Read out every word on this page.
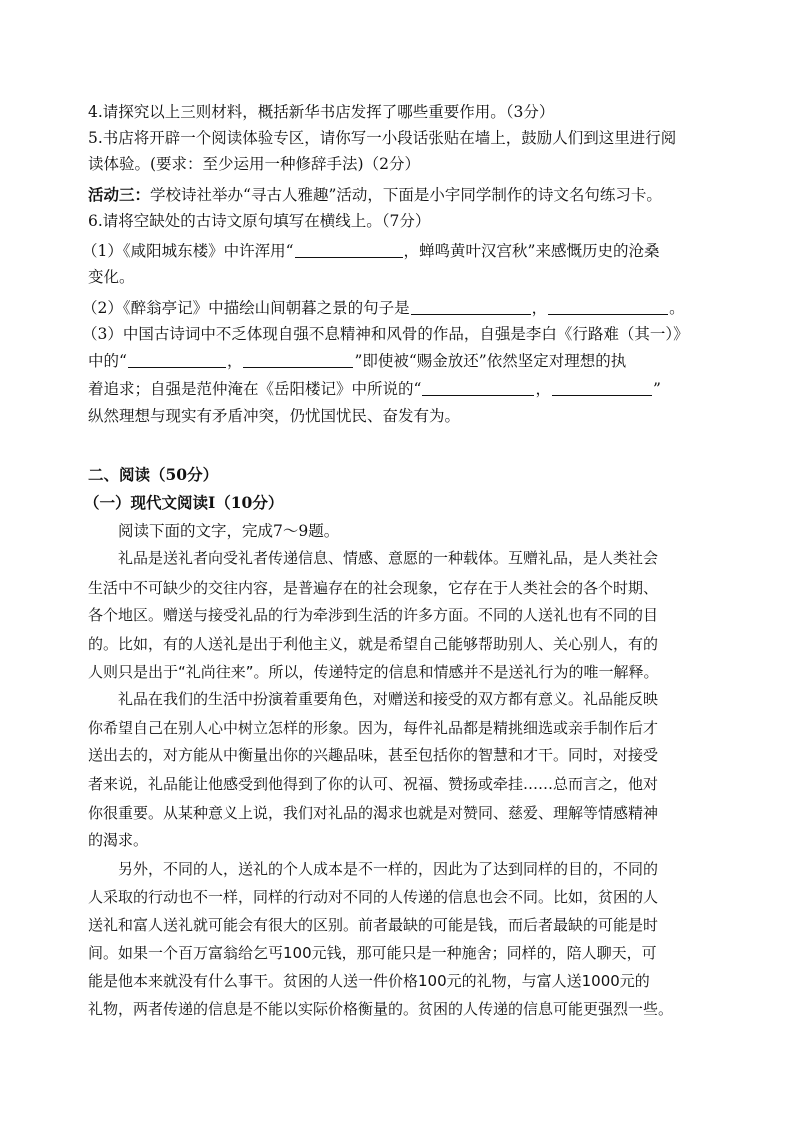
4.请探究以上三则材料，概括新华书店发挥了哪些重要作用。（3分）
5.书店将开辟一个阅读体验专区，请你写一小段话张贴在墙上，鼓励人们到这里进行阅
读体验。(要求：至少运用一种修辞手法)（2分）
活动三：学校诗社举办“寻古人雅趣”活动，下面是小宇同学制作的诗文名句练习卡。
6.请将空缺处的古诗文原句填写在横线上。（7分）
（1）《咸阳城东楼》中许浑用“	，蝉鸣黄叶汉宫秋”来感慨历史的沧桑
变化。
（2）《醉翁亭记》中描绘山间朝暮之景的句子是	，	。
（3）中国古诗词中不乏体现自强不息精神和风骨的作品，自强是李白《行路难（其一）》
中的“	，	”即使被“赐金放还”依然坚定对理想的执
着追求；自强是范仲淹在《岳阳楼记》中所说的“	，	”
纵然理想与现实有矛盾冲突，仍忧国忧民、奋发有为。
二、阅读（50分）
（一）现代文阅读Ⅰ（10分）
阅读下面的文字，完成7～9题。
礼品是送礼者向受礼者传递信息、情感、意愿的一种载体。互赠礼品，是人类社会
生活中不可缺少的交往内容，是普遍存在的社会现象，它存在于人类社会的各个时期、
各个地区。赠送与接受礼品的行为牵涉到生活的许多方面。不同的人送礼也有不同的目
的。比如，有的人送礼是出于利他主义，就是希望自己能够帮助别人、关心别人，有的
人则只是出于“礼尚往来”。所以，传递特定的信息和情感并不是送礼行为的唯一解释。
礼品在我们的生活中扮演着重要角色，对赠送和接受的双方都有意义。礼品能反映
你希望自己在别人心中树立怎样的形象。因为，每件礼品都是精挑细选或亲手制作后才
送出去的，对方能从中衡量出你的兴趣品味，甚至包括你的智慧和才干。同时，对接受
者来说，礼品能让他感受到他得到了你的认可、祝福、赞扬或牵挂……总而言之，他对
你很重要。从某种意义上说，我们对礼品的渴求也就是对赞同、慈爱、理解等情感精神
的渴求。
另外，不同的人，送礼的个人成本是不一样的，因此为了达到同样的目的，不同的
人采取的行动也不一样，同样的行动对不同的人传递的信息也会不同。比如，贫困的人
送礼和富人送礼就可能会有很大的区别。前者最缺的可能是钱，而后者最缺的可能是时
间。如果一个百万富翁给乞丐100元钱，那可能只是一种施舍；同样的，陪人聊天，可
能是他本来就没有什么事干。贫困的人送一件价格100元的礼物，与富人送1000元的
礼物，两者传递的信息是不能以实际价格衡量的。贫困的人传递的信息可能更强烈一些。
